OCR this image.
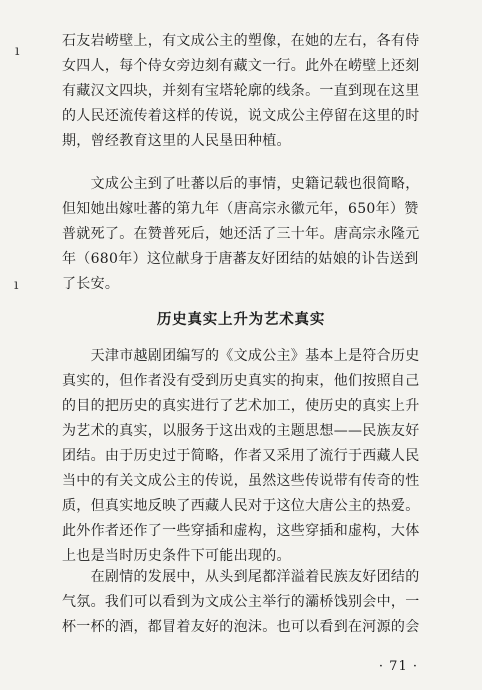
ı
ı
石友岩崂壁上，有文成公主的塑像，在她的左右，各有侍
女四人，每个侍女旁边刻有藏文一行。此外在崂壁上还刻
有藏汉文四块，并刻有宝塔轮廓的线条。一直到现在这里
的人民还流传着这样的传说，说文成公主停留在这里的时
期，曾经教育这里的人民垦田种植。
　　文成公主到了吐蕃以后的事情，史籍记载也很简略，
但知她出嫁吐蕃的第九年（唐高宗永徽元年，650年）赞
普就死了。在赞普死后，她还活了三十年。唐高宗永隆元
年（680年）这位献身于唐蕃友好团结的姑娘的讣告送到
了长安。
历史真实上升为艺术真实
　　天津市越剧团编写的《文成公主》基本上是符合历史
真实的，但作者没有受到历史真实的拘束，他们按照自己
的目的把历史的真实进行了艺术加工，使历史的真实上升
为艺术的真实，以服务于这出戏的主题思想——民族友好
团结。由于历史过于简略，作者又采用了流行于西藏人民
当中的有关文成公主的传说，虽然这些传说带有传奇的性
质，但真实地反映了西藏人民对于这位大唐公主的热爱。
此外作者还作了一些穿插和虚构，这些穿插和虚构，大体
上也是当时历史条件下可能出现的。
　　在剧情的发展中，从头到尾都洋溢着民族友好团结的
气氛。我们可以看到为文成公主举行的灞桥饯别会中，一
杯一杯的酒，都冒着友好的泡沫。也可以看到在河源的会
· 71 ·
